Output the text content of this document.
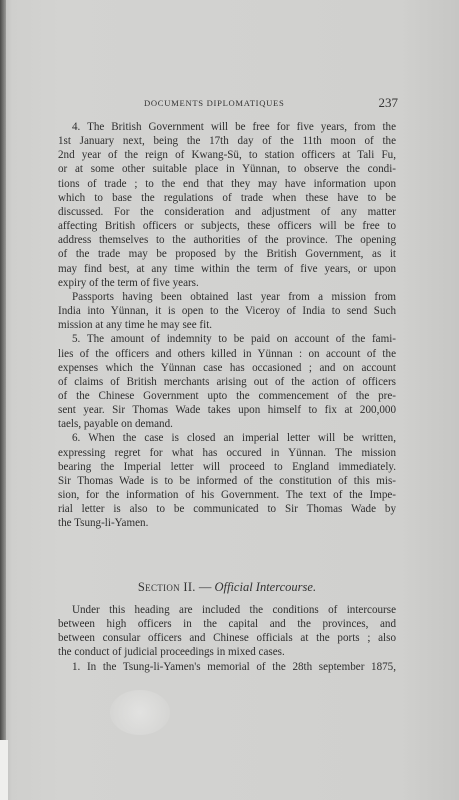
DOCUMENTS DIPLOMATIQUES	237

4. The British Government will be free for five years, from the
1st January next, being the 17th day of the 11th moon of the
2nd year of the reign of Kwang-Sü, to station officers at Tali Fu,
or at some other suitable place in Yünnan, to observe the condi-
tions of trade ; to the end that they may have information upon
which to base the regulations of trade when these have to be
discussed. For the consideration and adjustment of any matter
affecting British officers or subjects, these officers will be free to
address themselves to the authorities of the province. The opening
of the trade may be proposed by the British Government, as it
may find best, at any time within the term of five years, or upon
expiry of the term of five years.

Passports having been obtained last year from a mission from
India into Yünnan, it is open to the Viceroy of India to send Such
mission at any time he may see fit.

5. The amount of indemnity to be paid on account of the fami-
lies of the officers and others killed in Yünnan : on account of the
expenses which the Yünnan case has occasioned ; and on account
of claims of British merchants arising out of the action of officers
of the Chinese Government upto the commencement of the pre-
sent year. Sir Thomas Wade takes upon himself to fix at 200,000
taels, payable on demand.

6. When the case is closed an imperial letter will be written,
expressing regret for what has occured in Yünnan. The mission
bearing the Imperial letter will proceed to England immediately.
Sir Thomas Wade is to be informed of the constitution of this mis-
sion, for the information of his Government. The text of the Impe-
rial letter is also to be communicated to Sir Thomas Wade by
the Tsung-li-Yamen.

Section II. — Official Intercourse.

Under this heading are included the conditions of intercourse
between high officers in the capital and the provinces, and
between consular officers and Chinese officials at the ports ; also
the conduct of judicial proceedings in mixed cases.

1. In the Tsung-li-Yamen's memorial of the 28th september 1875,
